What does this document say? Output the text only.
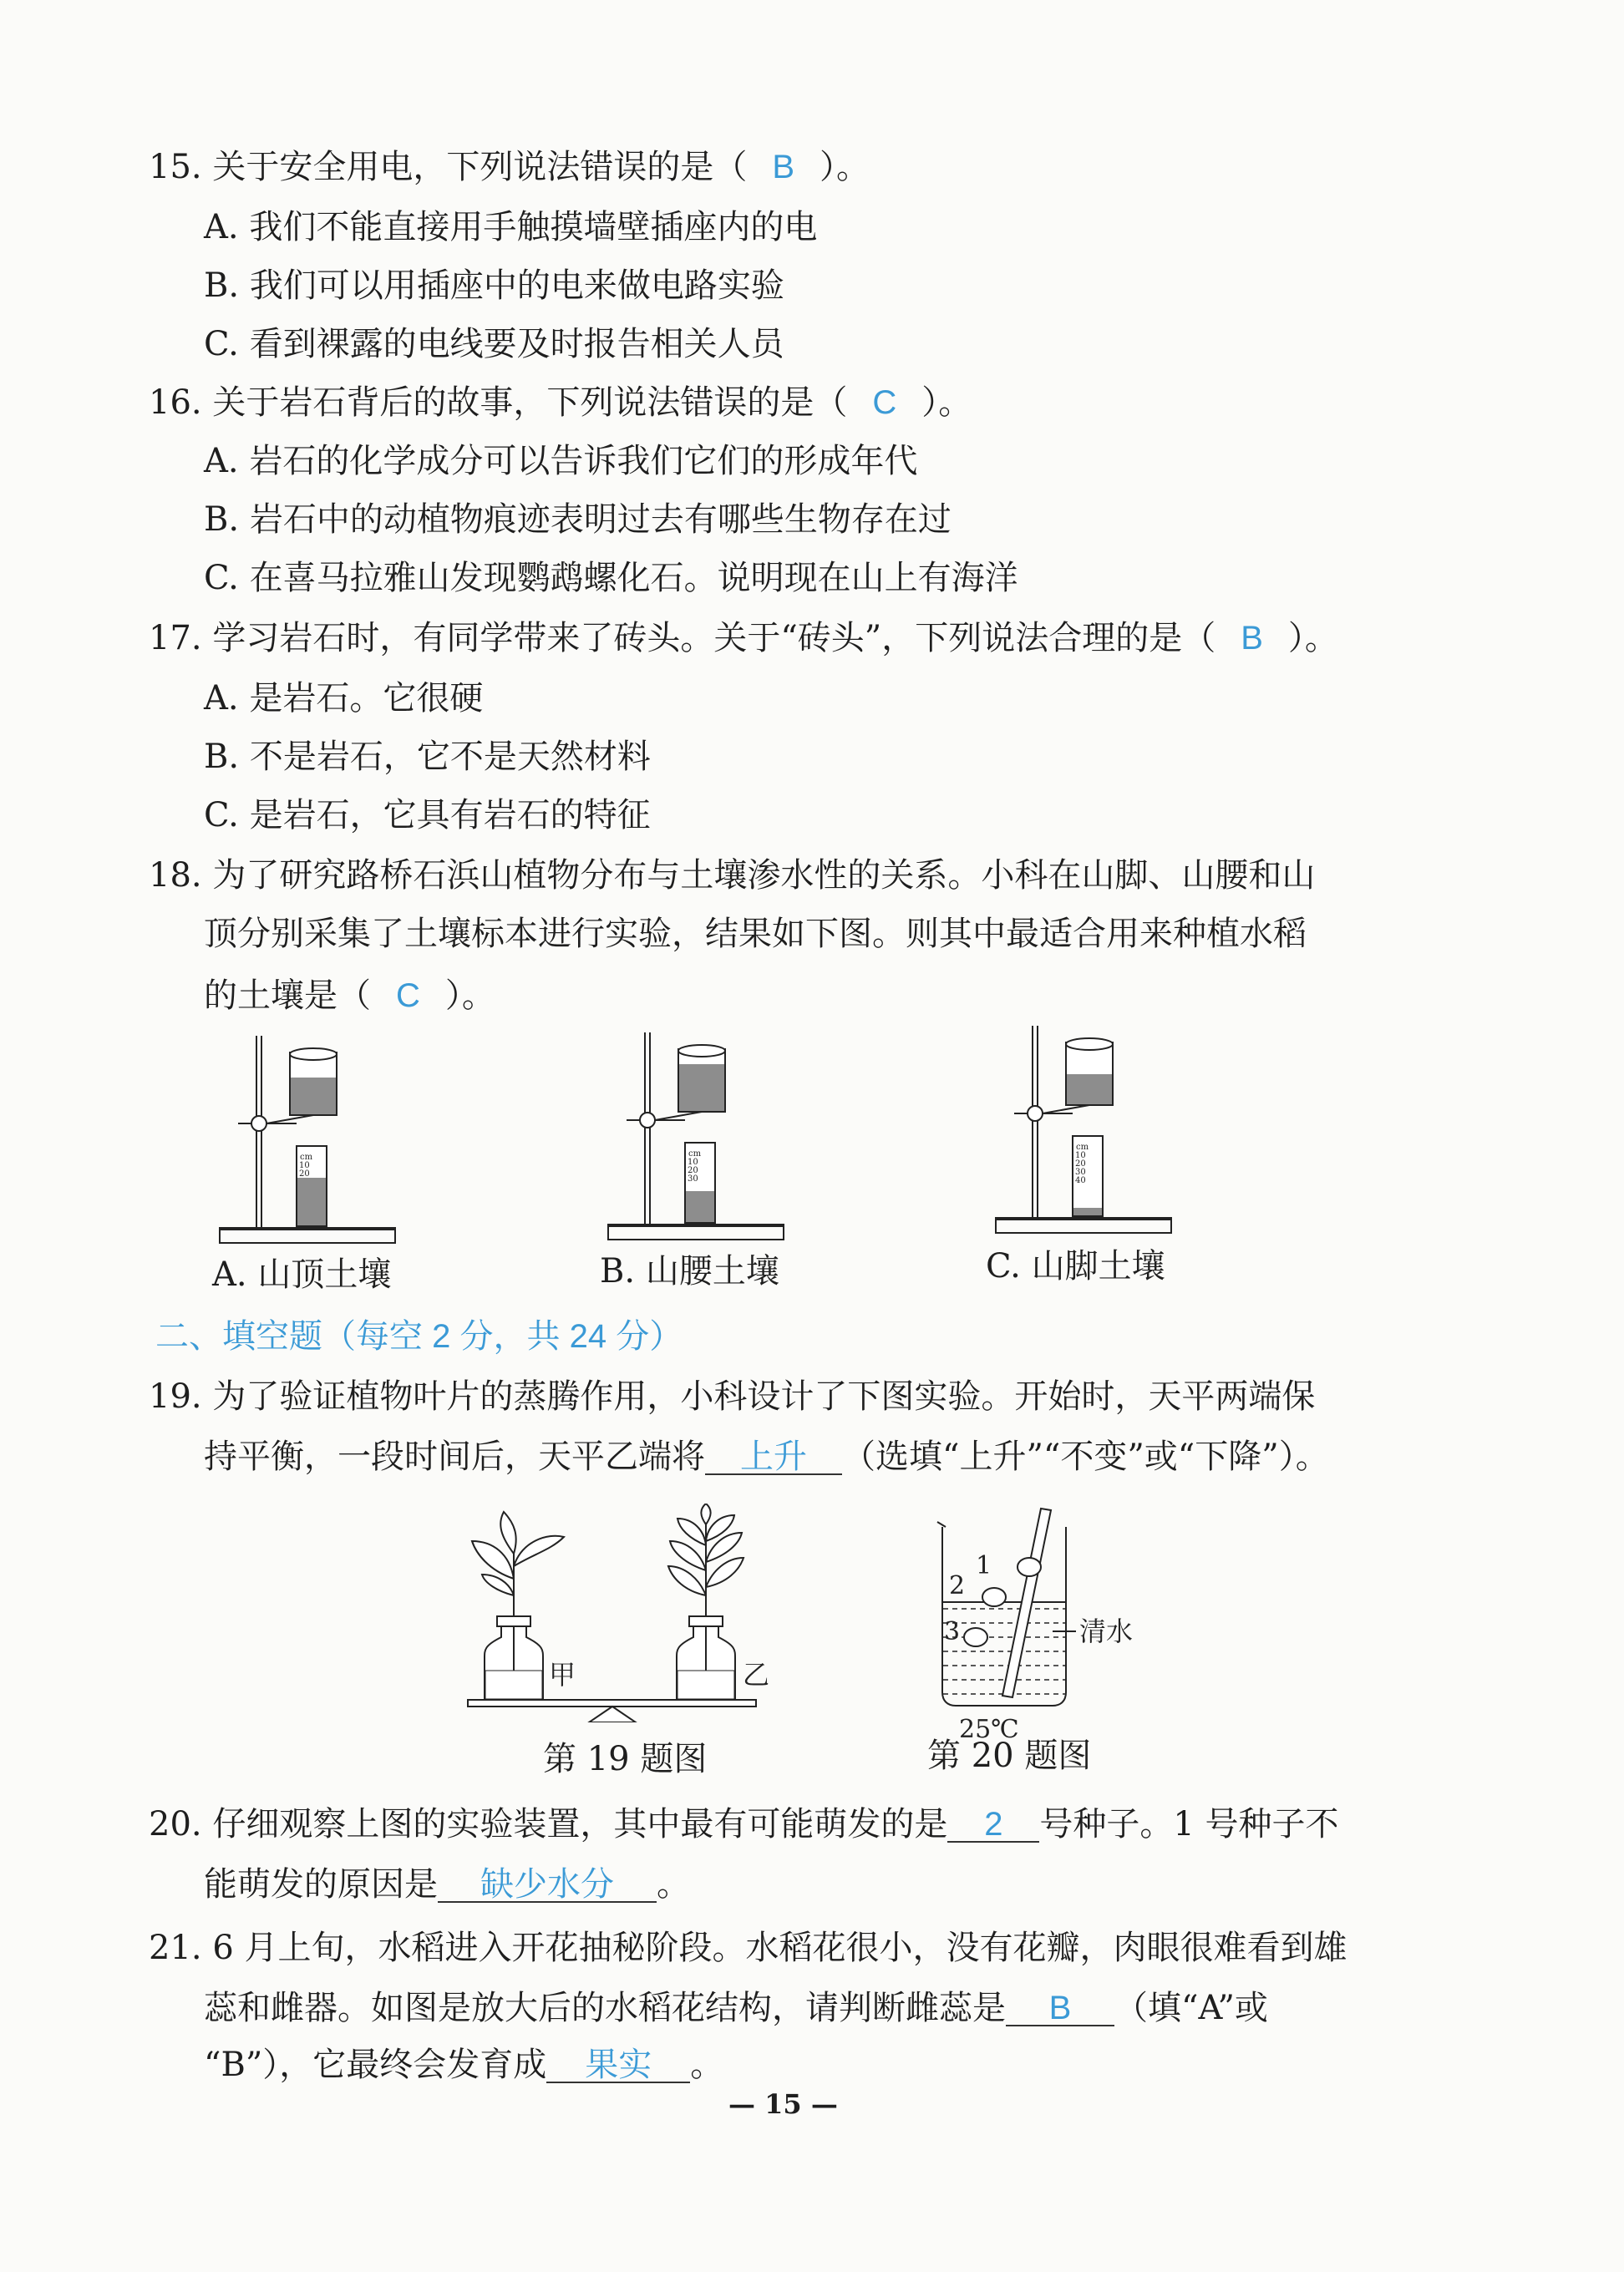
15. 关于安全用电，下列说法错误的是（ B ）。
A. 我们不能直接用手触摸墙壁插座内的电
B. 我们可以用插座中的电来做电路实验
C. 看到裸露的电线要及时报告相关人员
16. 关于岩石背后的故事，下列说法错误的是（ C ）。
A. 岩石的化学成分可以告诉我们它们的形成年代
B. 岩石中的动植物痕迹表明过去有哪些生物存在过
C. 在喜马拉雅山发现鹦鹉螺化石。说明现在山上有海洋
17. 学习岩石时，有同学带来了砖头。关于“砖头”，下列说法合理的是（ B ）。
A. 是岩石。它很硬
B. 不是岩石，它不是天然材料
C. 是岩石，它具有岩石的特征
18. 为了研究路桥石浜山植物分布与土壤渗水性的关系。小科在山脚、山腰和山
顶分别采集了土壤标本进行实验，结果如下图。则其中最适合用来种植水稻
的土壤是（ C ）。
cm
10
20
A. 山顶土壤
cm
10
20
30
B. 山腰土壤
cm
10
20
30
40
C. 山脚土壤
二、填空题（每空 2 分，共 24 分）
19. 为了验证植物叶片的蒸腾作用，小科设计了下图实验。开始时，天平两端保
持平衡，一段时间后，天平乙端将 上升 （选填“上升”“不变”或“下降”）。
甲	乙
第 19 题图
1
2
3	清水
25℃
第 20 题图
20. 仔细观察上图的实验装置，其中最有可能萌发的是 2 号种子。1 号种子不
能萌发的原因是 缺少水分 。
21. 6 月上旬，水稻进入开花抽秘阶段。水稻花很小，没有花瓣，肉眼很难看到雄
蕊和雌器。如图是放大后的水稻花结构，请判断雌蕊是 B （填“A”或
“B”），它最终会发育成 果实 。
— 15 —
